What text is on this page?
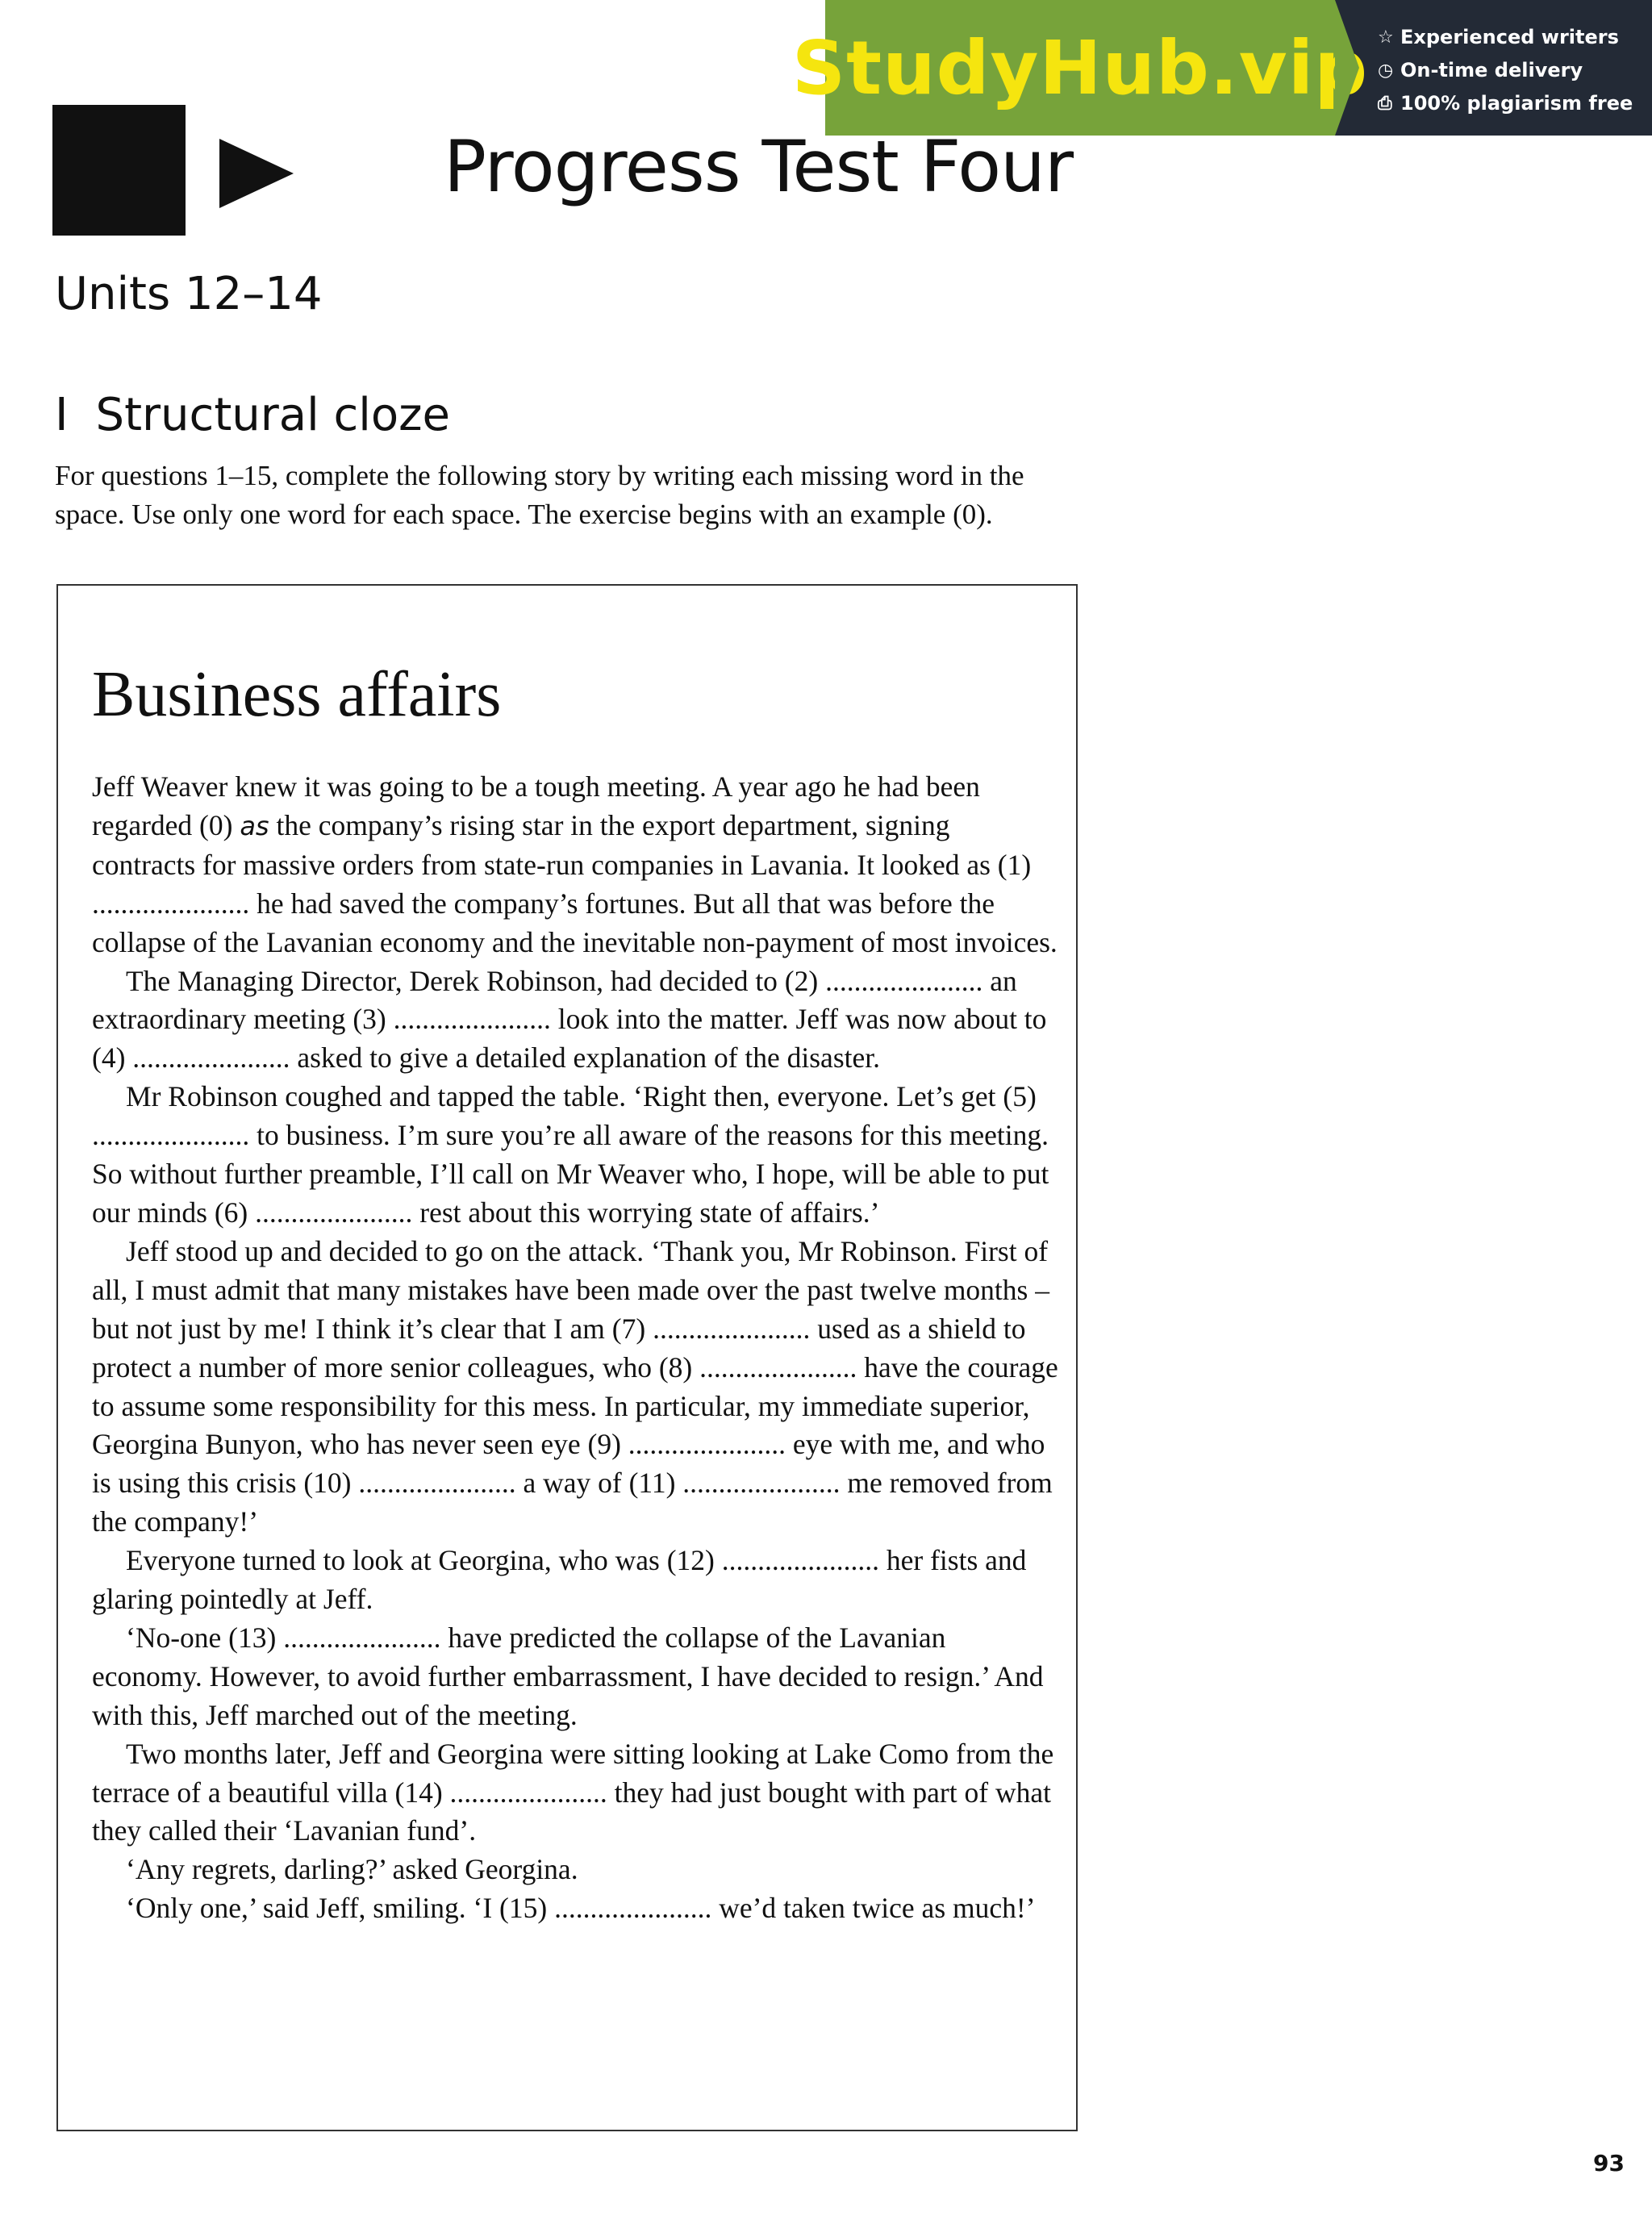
StudyHub.vip ☆ Experienced writers
◷ On-time delivery
⎙ 100% plagiarism free
Progress Test Four
Units 12–14
I Structural cloze

For questions 1–15, complete the following story by writing each missing word in the space. Use only one word for each space. The exercise begins with an example (0).

Business affairs

Jeff Weaver knew it was going to be a tough meeting. A year ago he had been regarded (0) as the company’s rising star in the export department, signing contracts for massive orders from state-run companies in Lavania. It looked as (1) ...................... he had saved the company’s fortunes. But all that was before the collapse of the Lavanian economy and the inevitable non-payment of most invoices.

The Managing Director, Derek Robinson, had decided to (2) ...................... an extraordinary meeting (3) ...................... look into the matter. Jeff was now about to (4) ...................... asked to give a detailed explanation of the disaster.

Mr Robinson coughed and tapped the table. ‘Right then, everyone. Let’s get (5) ...................... to business. I’m sure you’re all aware of the reasons for this meeting. So without further preamble, I’ll call on Mr Weaver who, I hope, will be able to put our minds (6) ...................... rest about this worrying state of affairs.’

Jeff stood up and decided to go on the attack. ‘Thank you, Mr Robinson. First of all, I must admit that many mistakes have been made over the past twelve months – but not just by me! I think it’s clear that I am (7) ...................... used as a shield to protect a number of more senior colleagues, who (8) ...................... have the courage to assume some responsibility for this mess. In particular, my immediate superior, Georgina Bunyon, who has never seen eye (9) ...................... eye with me, and who is using this crisis (10) ...................... a way of (11) ...................... me removed from the company!’

Everyone turned to look at Georgina, who was (12) ...................... her fists and glaring pointedly at Jeff.

‘No-one (13) ...................... have predicted the collapse of the Lavanian economy. However, to avoid further embarrassment, I have decided to resign.’ And with this, Jeff marched out of the meeting.

Two months later, Jeff and Georgina were sitting looking at Lake Como from the terrace of a beautiful villa (14) ...................... they had just bought with part of what they called their ‘Lavanian fund’.

‘Any regrets, darling?’ asked Georgina.

‘Only one,’ said Jeff, smiling. ‘I (15) ...................... we’d taken twice as much!’

93
